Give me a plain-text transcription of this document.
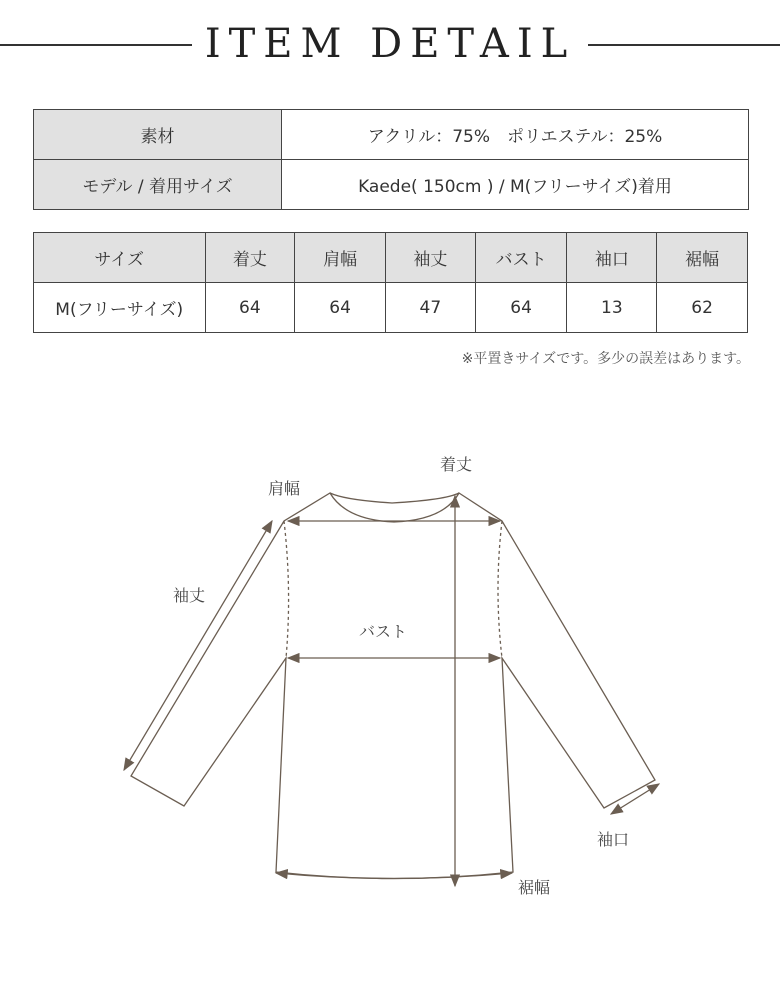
ITEM DETAIL
素材	アクリル：75%　ポリエステル：25%
モデル / 着用サイズ	Kaede( 150cm ) / M(フリーサイズ)着用
サイズ	着丈	肩幅	袖丈	バスト	袖口	裾幅
M(フリーサイズ)	64	64	47	64	13	62
※平置きサイズです。多少の誤差はあります。
着丈
肩幅
袖丈
バスト
袖口
裾幅
